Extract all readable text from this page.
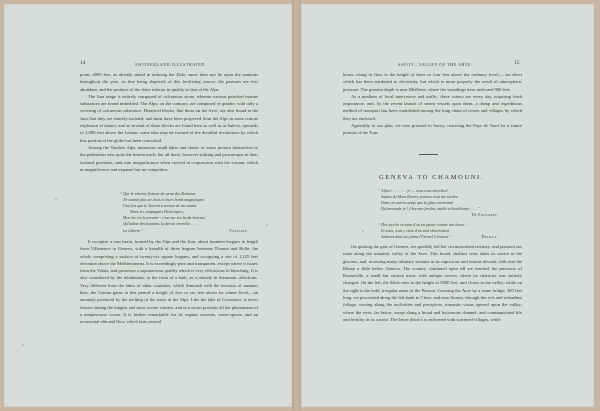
14	SWITZERLAND ILLUSTRATED.

point, 4000 feet, as already stated in noticing the Dole, snow does not lie upon the summits throughout the year; so that being deprived of this fertilizing source, the pastures are less abundant, and the produce of the dairy inferior in quality to that of the Alps.

The Jura range is entirely composed of calcareous stone, wherein various petrified marine substances are found imbedded. The Alps, on the contrary, are composed of granite, with only a covering of calcareous substance. Detached blocks, like those on the Arve, are also found in the Jura; but they are entirely isolated, and must have been projected from the Alps in some remote explosion of nature; and as several of these blocks are found here as well as at Salevo, upwards of 2,000 feet above the Leman, some idea may be formed of the dreadful revolutions by which this portion of the globe has been convulsed.

Among the Vaudois Alps, numerous small lakes and sheets of water present themselves to the pedestrian who quits the beaten track; but all these, however striking and picturesque in their isolated positions, sink into insignificance when viewed in conjunction with the Leman, which in magnificence and expanse has no competitor.

“ Que le charme flotteur du tyran des Romains
Ne soumit plus ces bois et leurs bords magnifiques
Une fois que le Torrent a revenir de ses mains
Dans les campagnes Helvetiques;
Mon lac est le premier : c'est sur ses bords heureux
Qu'habite des humains la deesse eternelle . . . .
La Liberte.”	Voltaire.

It occupies a vast basin, formed by the Alps and the Jura, about fourteen leagues in length from Villeneuve to Geneva, with a breadth of three leagues between Thonon and Rolle; the whole comprising a surface of twenty-six square leagues, and occupying a site of 1,125 feet elevation above the Mediterranean. It is exceedingly pure and transparent, except where it issues from the Valais; and possesses a saponaceous quality which is very efficacious in bleaching. It is also considered by the inhabitants, in the form of a bath, as a remedy in rheumatic affections. Very different from the lakes of other countries, which diminish with the increase of summer heat, the Leman gains at this period a height of five or six feet above its winter level,—an anomaly produced by the melting of the snow in the Alps. Like the lake of Constance, it never freezes during the longest and most severe winters, and in a storm presents all the phenomena of a tempestuous ocean. It is further remarkable for its regular currents, water-spouts, and an occasional ebb and flow, which lasts several

SAVOY—VALLEY OF THE ARVE.	15

hours, rising in flow to the height of three or four feet above the ordinary level,— an effect which has been attributed to electricity, but which is more properly the result of atmospheric pressure. The greatest depth is near Meillerie, where the soundings have indicated 980 feet.

As a medium of local intercourse and traffic, these waters are every day acquiring fresh importance; and, by the recent launch of steam vessels upon them, a cheap and expeditious method of transport has been established among the long chain of towns and villages by which they are enclosed.

Agreeably to our plan, we now proceed to Savoy, reserving the Pays de Vaud for a future portion of the Tour.

GENEVA TO CHAMOUNI.
“ Alpes ! . . . . . . . je — vous vous cherchez!
Sapins du Mont Envers, pointes vous me cachez
Dans ces antres neufs que la glace environne
Qu'enrounde je ! j'Aurores ferules, nuelle et bouillonne ; . . .”
De Fontanes.
“ Des siecles ecoutez d'ou est passe comme une heure . . .
Et vous, vous y vivez d'un seul observateur
Admirez dans ses plans l'Eternel Createur.”	Delille.

On quitting the gate of Geneva, we speedily left her circumscribed territory, and pursued our route along the romantic valley of the Arve. This broad, shallow river takes its source in the glaciers, and, receiving many tributary streams in its capricious and riotous descent, falls into the Rhone a little below Geneva. The country continued open till we reached the precincts of Bonneville, a small but ancient town, with antique towers, where its character was entirely changed. On the left, the Mole rises to the height of 5000 feet, and closes in the valley; while on the right is the bold, irregular mass of the Brezon. Crossing the Arve by a stone bridge, 300 feet long, we proceeded along the left bank to Cluse; and near Sionzy, through the rich and redundant foliage, waving along the acclivities and precipices, romantic vistas opened upon the valley; where the river, far below, swept along a broad and boisterous channel, and communicated life and fertility in its course. The lower district is enlivened with scattered villages, while
